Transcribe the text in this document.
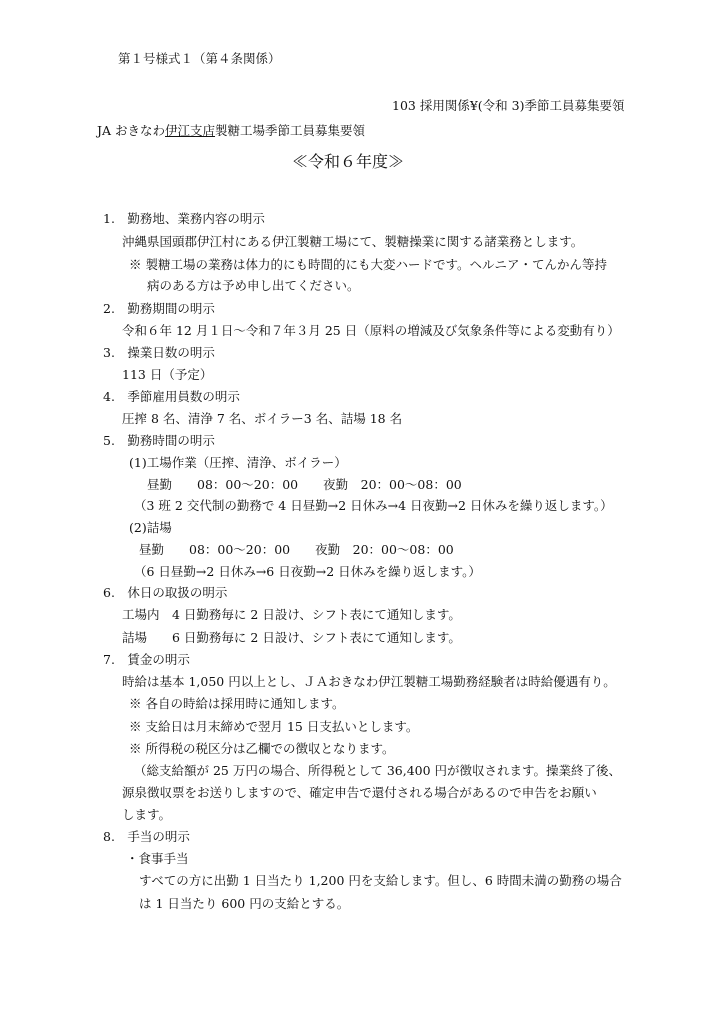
第１号様式１（第４条関係）
103 採用関係¥(令和 3)季節工員募集要領
JA おきなわ伊江支店製糖工場季節工員募集要領
≪令和６年度≫
1.　勤務地、業務内容の明示
沖縄県国頭郡伊江村にある伊江製糖工場にて、製糖操業に関する諸業務とします。
※ 製糖工場の業務は体力的にも時間的にも大変ハードです。ヘルニア・てんかん等持
病のある方は予め申し出てください。
2.　勤務期間の明示
令和６年 12 月１日～令和７年３月 25 日（原料の増減及び気象条件等による変動有り）
3.　操業日数の明示
113 日（予定）
4.　季節雇用員数の明示
圧搾 8 名、清浄 7 名、ボイラー3 名、詰場 18 名
5.　勤務時間の明示
(1)工場作業（圧搾、清浄、ボイラー）
昼勤　　08：00～20：00　　夜勤　20：00～08：00
（3 班 2 交代制の勤務で 4 日昼勤→2 日休み→4 日夜勤→2 日休みを繰り返します。）
(2)詰場
昼勤　　08：00～20：00　　夜勤　20：00～08：00
（6 日昼勤→2 日休み→6 日夜勤→2 日休みを繰り返します。）
6.　休日の取扱の明示
工場内　4 日勤務毎に 2 日設け、シフト表にて通知します。
詰場　　6 日勤務毎に 2 日設け、シフト表にて通知します。
7.　賃金の明示
時給は基本 1,050 円以上とし、ＪＡおきなわ伊江製糖工場勤務経験者は時給優遇有り。
※ 各自の時給は採用時に通知します。
※ 支給日は月末締めで翌月 15 日支払いとします。
※ 所得税の税区分は乙欄での徴収となります。
（総支給額が 25 万円の場合、所得税として 36,400 円が徴収されます。操業終了後、
源泉徴収票をお送りしますので、確定申告で還付される場合があるので申告をお願い
します。
8.　手当の明示
・食事手当
すべての方に出勤 1 日当たり 1,200 円を支給します。但し、6 時間未満の勤務の場合
は 1 日当たり 600 円の支給とする。
